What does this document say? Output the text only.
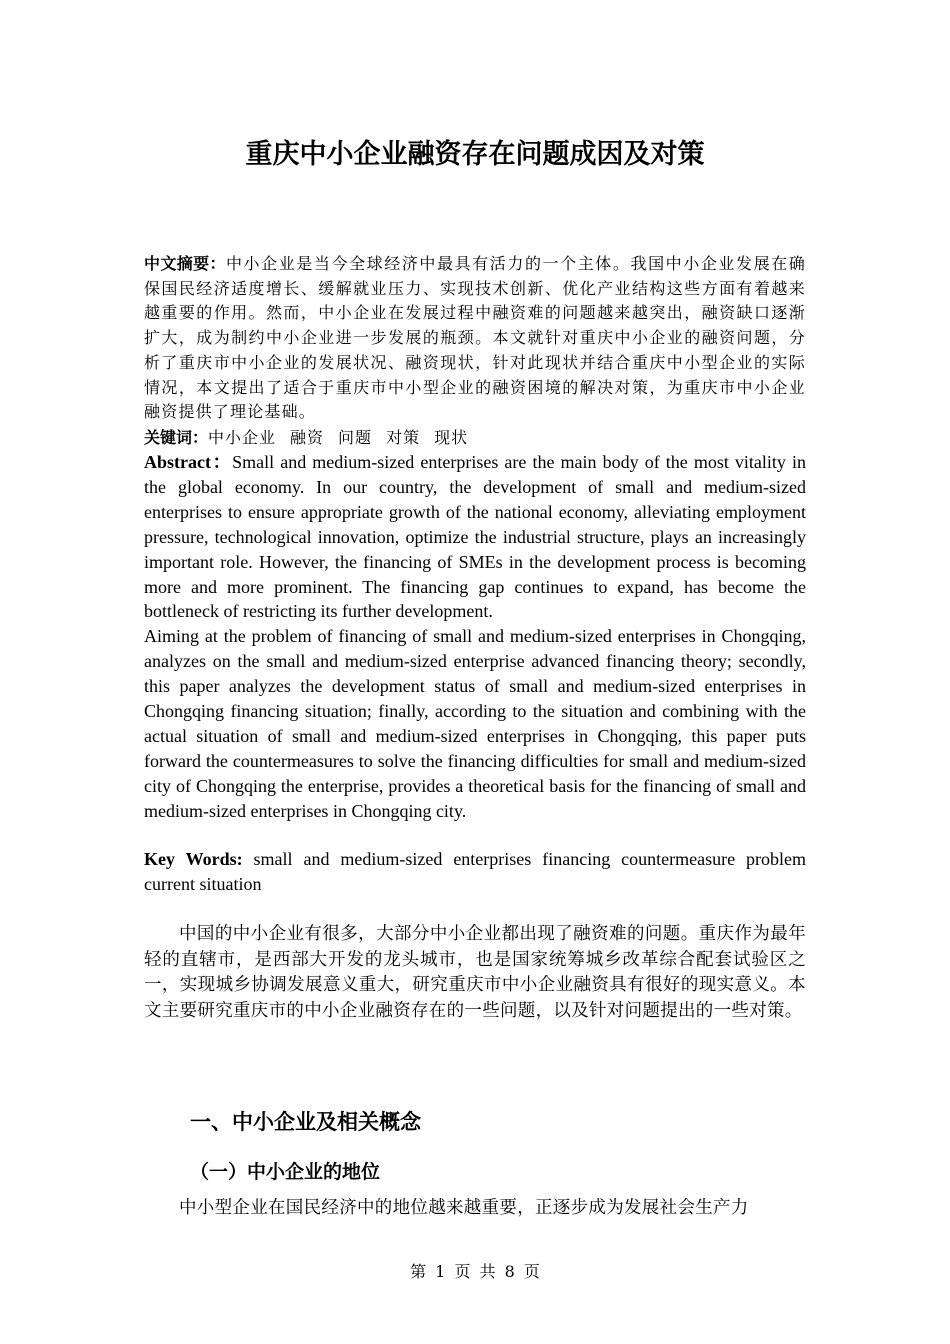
重庆中小企业融资存在问题成因及对策
中文摘要：中小企业是当今全球经济中最具有活力的一个主体。我国中小企业发展在确保国民经济适度增长、缓解就业压力、实现技术创新、优化产业结构这些方面有着越来越重要的作用。然而，中小企业在发展过程中融资难的问题越来越突出，融资缺口逐渐扩大，成为制约中小企业进一步发展的瓶颈。本文就针对重庆中小企业的融资问题，分析了重庆市中小企业的发展状况、融资现状，针对此现状并结合重庆中小型企业的实际情况，本文提出了适合于重庆市中小型企业的融资困境的解决对策，为重庆市中小企业融资提供了理论基础。
关键词：中小企业 融资 问题 对策 现状

Abstract：Small and medium-sized enterprises are the main body of the most vitality in the global economy. In our country, the development of small and medium-sized enterprises to ensure appropriate growth of the national economy, alleviating employment pressure, technological innovation, optimize the industrial structure, plays an increasingly important role. However, the financing of SMEs in the development process is becoming more and more prominent. The financing gap continues to expand, has become the bottleneck of restricting its further development.

Aiming at the problem of financing of small and medium-sized enterprises in Chongqing, analyzes on the small and medium-sized enterprise advanced financing theory; secondly, this paper analyzes the development status of small and medium-sized enterprises in Chongqing financing situation; finally, according to the situation and combining with the actual situation of small and medium-sized enterprises in Chongqing, this paper puts forward the countermeasures to solve the financing difficulties for small and medium-sized city of Chongqing the enterprise, provides a theoretical basis for the financing of small and medium-sized enterprises in Chongqing city.

Key Words: small and medium-sized enterprises financing countermeasure problem current situation
中国的中小企业有很多，大部分中小企业都出现了融资难的问题。重庆作为最年轻的直辖市，是西部大开发的龙头城市，也是国家统筹城乡改革综合配套试验区之一，实现城乡协调发展意义重大，研究重庆市中小企业融资具有很好的现实意义。本文主要研究重庆市的中小企业融资存在的一些问题，以及针对问题提出的一些对策。
一、中小企业及相关概念
（一）中小企业的地位
中小型企业在国民经济中的地位越来越重要，正逐步成为发展社会生产力
第 1 页 共 8 页
